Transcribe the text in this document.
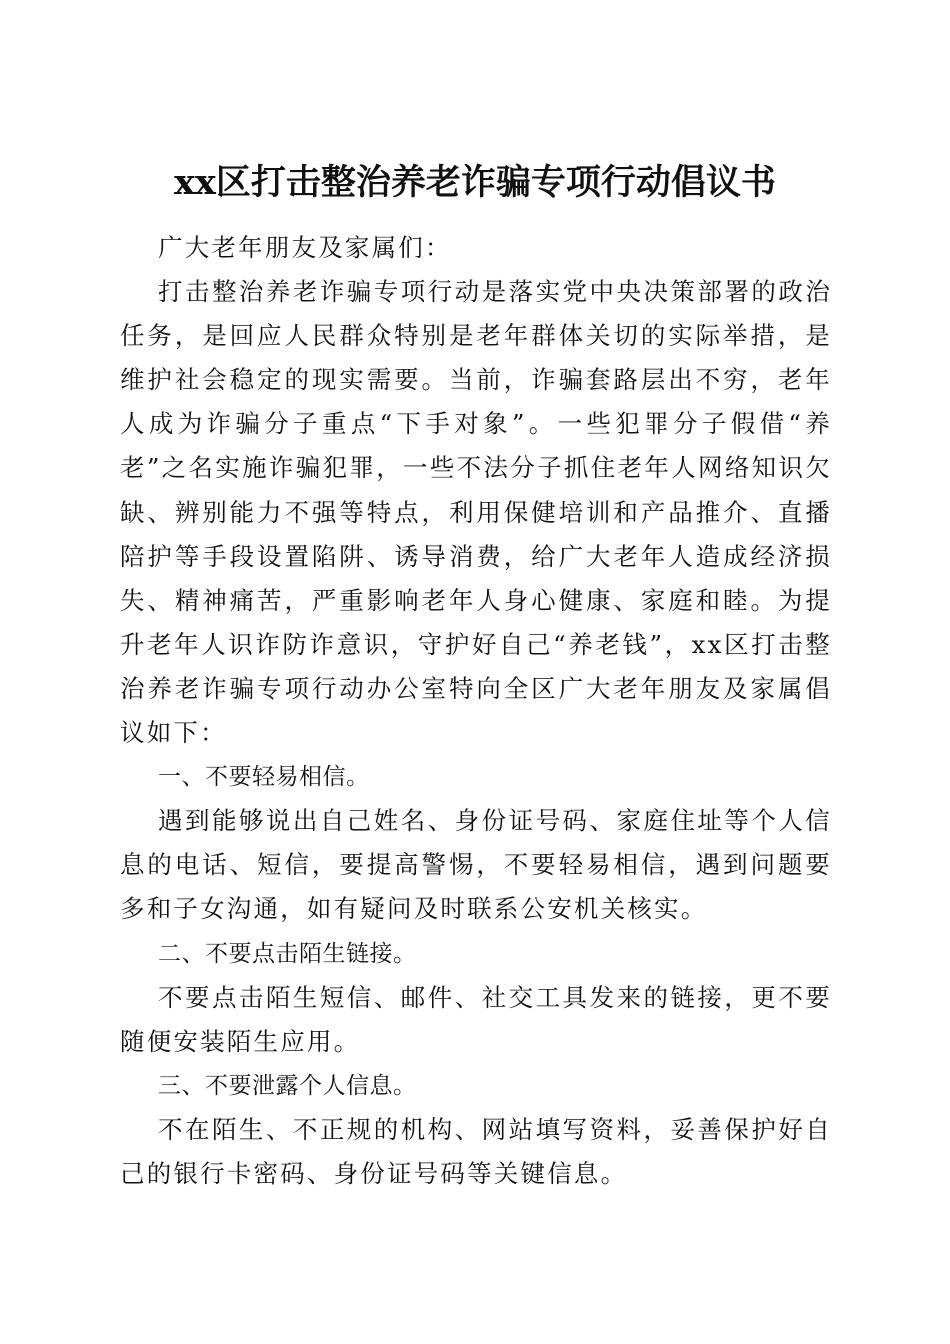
xx区打击整治养老诈骗专项行动倡议书

广大老年朋友及家属们：

打击整治养老诈骗专项行动是落实党中央决策部署的政治任务，是回应人民群众特别是老年群体关切的实际举措，是维护社会稳定的现实需要。当前，诈骗套路层出不穷，老年人成为诈骗分子重点“下手对象”。一些犯罪分子假借“养老”之名实施诈骗犯罪，一些不法分子抓住老年人网络知识欠缺、辨别能力不强等特点，利用保健培训和产品推介、直播陪护等手段设置陷阱、诱导消费，给广大老年人造成经济损失、精神痛苦，严重影响老年人身心健康、家庭和睦。为提升老年人识诈防诈意识，守护好自己“养老钱”，xx区打击整治养老诈骗专项行动办公室特向全区广大老年朋友及家属倡议如下：

一、不要轻易相信。

遇到能够说出自己姓名、身份证号码、家庭住址等个人信息的电话、短信，要提高警惕，不要轻易相信，遇到问题要多和子女沟通，如有疑问及时联系公安机关核实。

二、不要点击陌生链接。

不要点击陌生短信、邮件、社交工具发来的链接，更不要随便安装陌生应用。

三、不要泄露个人信息。

不在陌生、不正规的机构、网站填写资料，妥善保护好自己的银行卡密码、身份证号码等关键信息。
